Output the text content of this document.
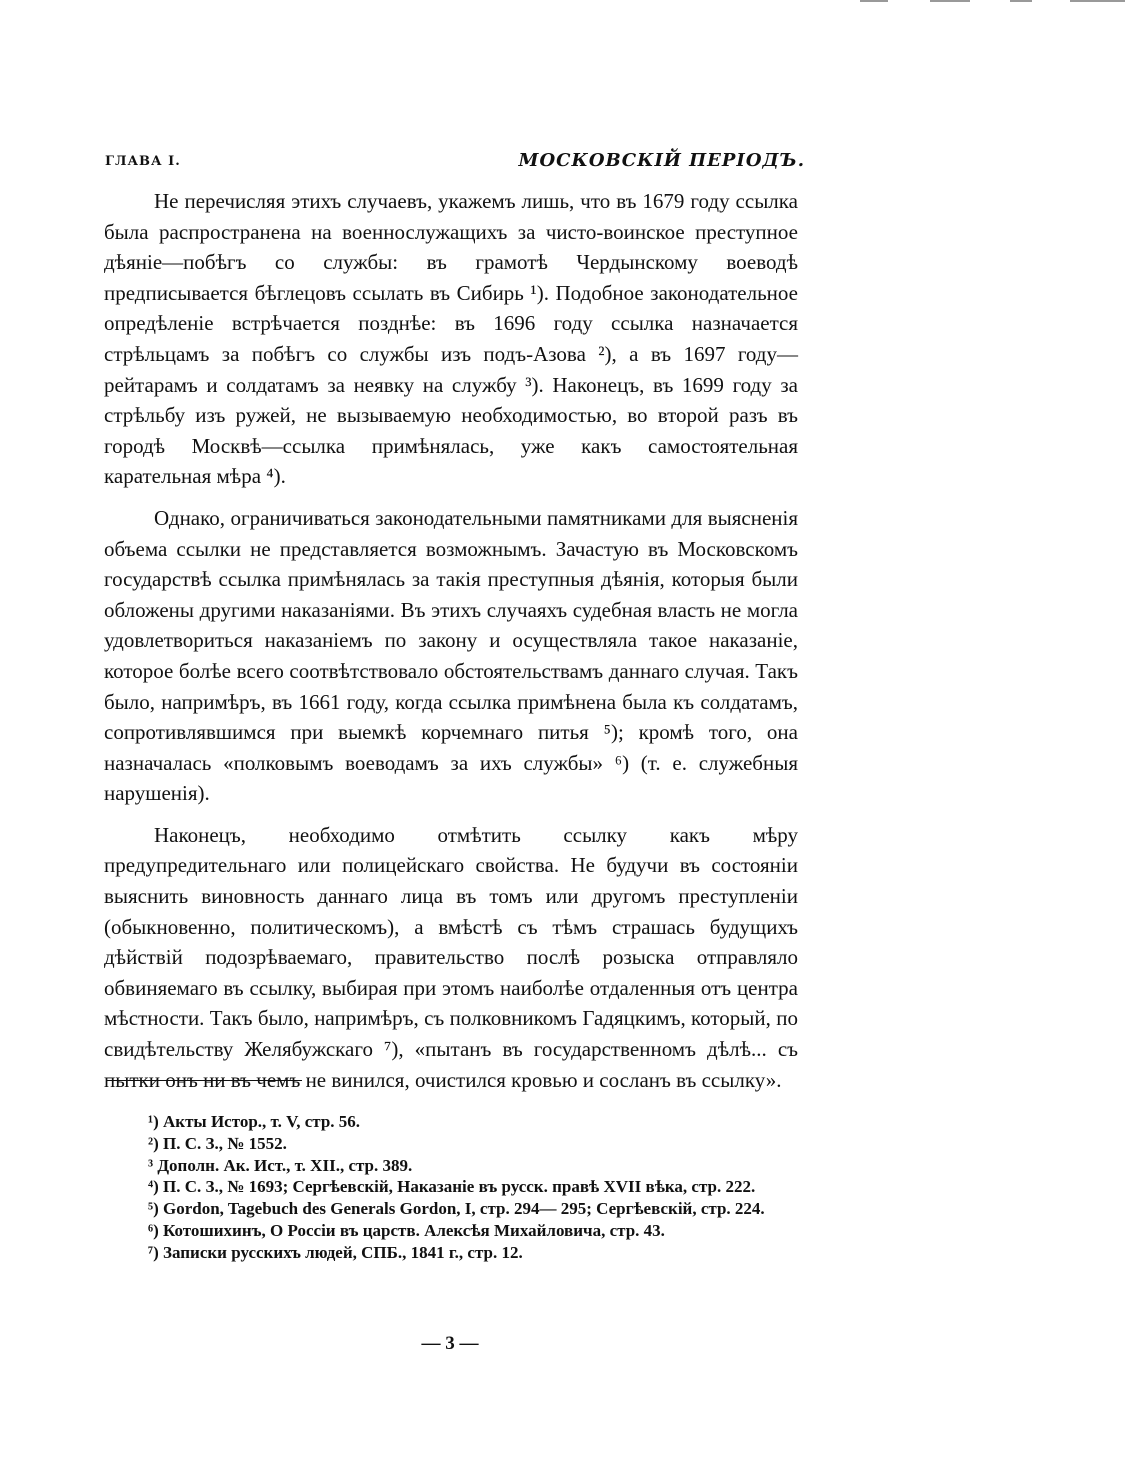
ГЛАВА I.	МОСКОВСКІЙ ПЕРІОДЪ.

Не перечисляя этихъ случаевъ, укажемъ лишь, что въ 1679 году ссылка была распространена на военнослужащихъ за чисто-воинское преступное дѣяніе—побѣгъ со службы: въ грамотѣ Чердынскому воеводѣ предписывается бѣглецовъ ссылать въ Сибирь ¹). Подобное законодательное опредѣленіе встрѣчается позднѣе: въ 1696 году ссылка назначается стрѣльцамъ за побѣгъ со службы изъ подъ-Азова ²), а въ 1697 году—рейтарамъ и солдатамъ за неявку на службу ³). Наконецъ, въ 1699 году за стрѣльбу изъ ружей, не вызываемую необходимостью, во второй разъ въ городѣ Москвѣ—ссылка примѣнялась, уже какъ самостоятельная карательная мѣра ⁴).

Однако, ограничиваться законодательными памятниками для выясненія объема ссылки не представляется возможнымъ. Зачастую въ Московскомъ государствѣ ссылка примѣнялась за такія преступныя дѣянія, которыя были обложены другими наказаніями. Въ этихъ случаяхъ судебная власть не могла удовлетвориться наказаніемъ по закону и осуществляла такое наказаніе, которое болѣе всего соотвѣтствовало обстоятельствамъ даннаго случая. Такъ было, напримѣръ, въ 1661 году, когда ссылка примѣнена была къ солдатамъ, сопротивлявшимся при выемкѣ корчемнаго питья ⁵); кромѣ того, она назначалась «полковымъ воеводамъ за ихъ службы» ⁶) (т. е. служебныя нарушенія).

Наконецъ, необходимо отмѣтить ссылку какъ мѣру предупредительнаго или полицейскаго свойства. Не будучи въ состояніи выяснить виновность даннаго лица въ томъ или другомъ преступленіи (обыкновенно, политическомъ), а вмѣстѣ съ тѣмъ страшась будущихъ дѣйствій подозрѣваемаго, правительство послѣ розыска отправляло обвиняемаго въ ссылку, выбирая при этомъ наиболѣе отдаленныя отъ центра мѣстности. Такъ было, напримѣръ, съ полковникомъ Гадяцкимъ, который, по свидѣтельству Желябужскаго ⁷), «пытанъ въ государственномъ дѣлѣ... съ пытки онъ ни въ чемъ не винился, очистился кровью и сосланъ въ ссылку».

¹) Акты Истор., т. V, стр. 56.
²) П. С. З., № 1552.
³ Дополн. Ак. Ист., т. XII., стр. 389.
⁴) П. С. З., № 1693; Сергѣевскій, Наказаніе въ русск. правѣ XVII вѣка, стр. 222.
⁵) Gordon, Tagebuch des Generals Gordon, I, стр. 294— 295; Сергѣевскій, стр. 224.
⁶) Котошихинъ, О Россіи въ царств. Алексѣя Михайловича, стр. 43.
⁷) Записки русскихъ людей, СПБ., 1841 г., стр. 12.
— 3 —
